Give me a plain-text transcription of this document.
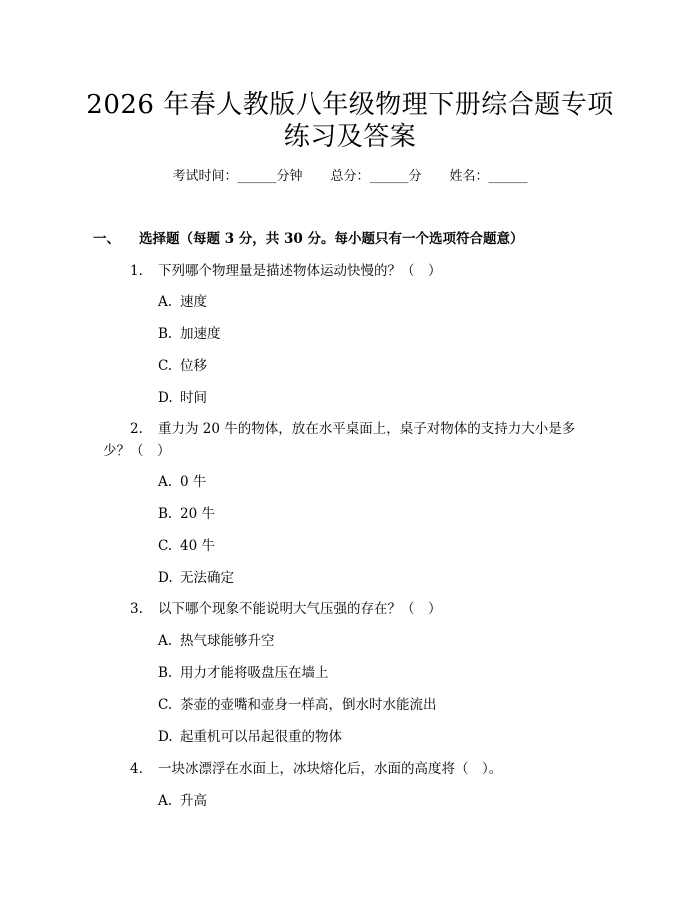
2026 年春人教版八年级物理下册综合题专项
练习及答案
考试时间：______分钟 总分：______分 姓名：______
一、 选择题（每题 3 分，共 30 分。每小题只有一个选项符合题意）
1. 下列哪个物理量是描述物体运动快慢的？（　）
A. 速度
B. 加速度
C. 位移
D. 时间
2. 重力为 20 牛的物体，放在水平桌面上，桌子对物体的支持力大小是多
少？（　）
A. 0 牛
B. 20 牛
C. 40 牛
D. 无法确定
3. 以下哪个现象不能说明大气压强的存在？（　）
A. 热气球能够升空
B. 用力才能将吸盘压在墙上
C. 茶壶的壶嘴和壶身一样高，倒水时水能流出
D. 起重机可以吊起很重的物体
4. 一块冰漂浮在水面上，冰块熔化后，水面的高度将（　）。
A. 升高
